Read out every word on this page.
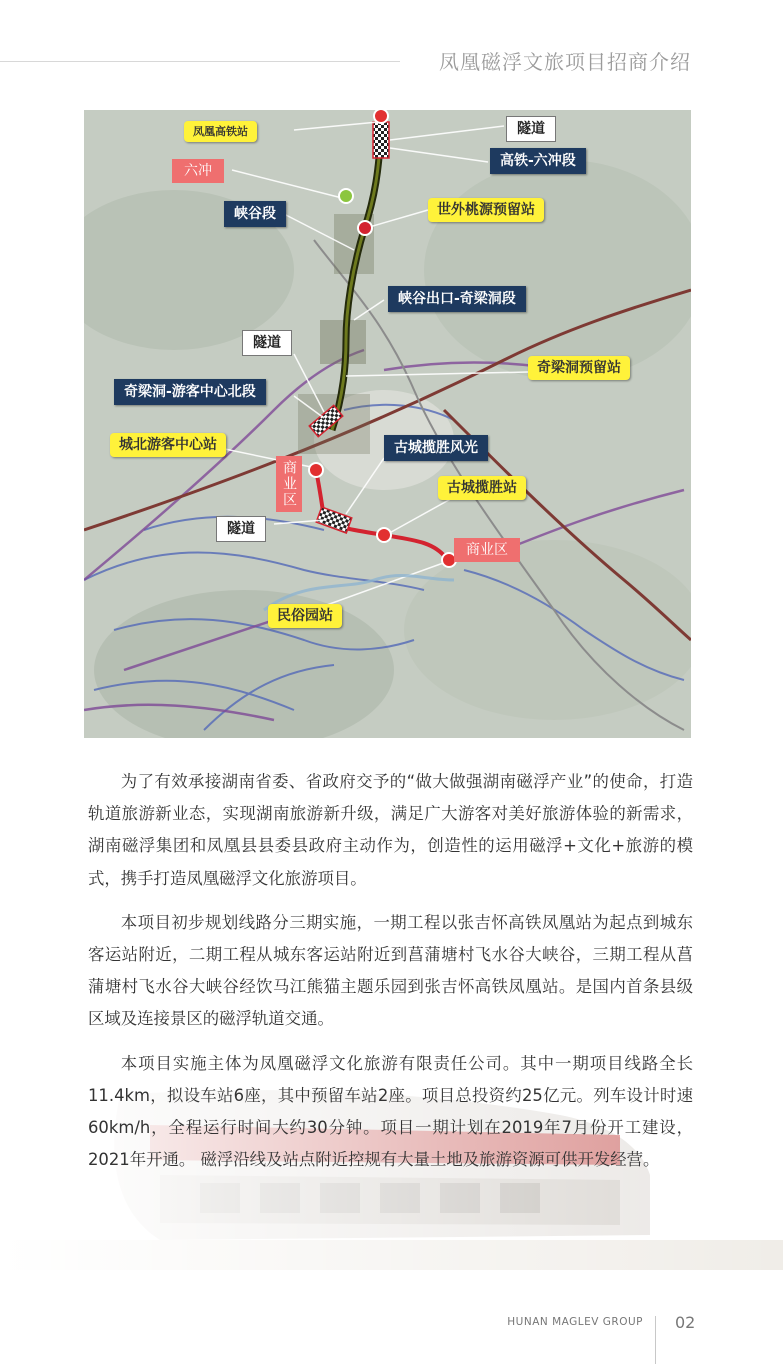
凤凰磁浮文旅项目招商介绍
凤凰高铁站	隧道
高铁-六冲段
六冲
世外桃源预留站
峡谷段
峡谷出口-奇梁洞段
隧道
奇梁洞预留站
奇梁洞-游客中心北段
城北游客中心站	古城揽胜风光
商业区	古城揽胜站
隧道
商业区
民俗园站

为了有效承接湖南省委、省政府交予的“做大做强湖南磁浮产业”的使命，打造轨道旅游新业态，实现湖南旅游新升级，满足广大游客对美好旅游体验的新需求，湖南磁浮集团和凤凰县县委县政府主动作为，创造性的运用磁浮+文化+旅游的模式，携手打造凤凰磁浮文化旅游项目。

本项目初步规划线路分三期实施，一期工程以张吉怀高铁凤凰站为起点到城东客运站附近，二期工程从城东客运站附近到菖蒲塘村飞水谷大峡谷，三期工程从菖蒲塘村飞水谷大峡谷经饮马江熊猫主题乐园到张吉怀高铁凤凰站。是国内首条县级区域及连接景区的磁浮轨道交通。

本项目实施主体为凤凰磁浮文化旅游有限责任公司。其中一期项目线路全长11.4km，拟设车站6座，其中预留车站2座。项目总投资约25亿元。列车设计时速60km/h，全程运行时间大约30分钟。项目一期计划在2019年7月份开工建设，2021年开通。 磁浮沿线及站点附近控规有大量土地及旅游资源可供开发经营。

HUNAN MAGLEV GROUP 02
